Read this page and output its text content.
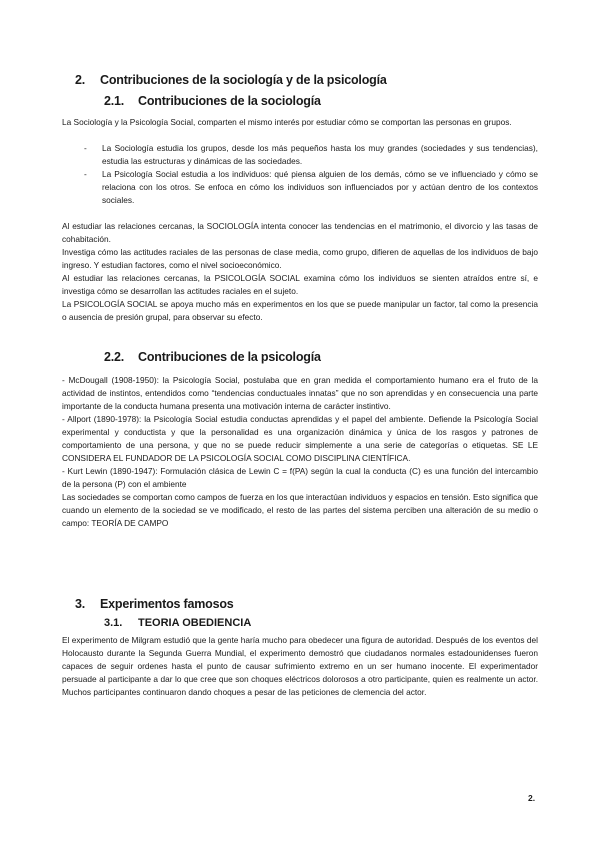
2. Contribuciones de la sociología y de la psicología
2.1. Contribuciones de la sociología

La Sociología y la Psicología Social, comparten el mismo interés por estudiar cómo se comportan las personas en grupos.

- La Sociología estudia los grupos, desde los más pequeños hasta los muy grandes (sociedades y sus tendencias), estudia las estructuras y dinámicas de las sociedades.
- La Psicología Social estudia a los individuos: qué piensa alguien de los demás, cómo se ve influenciado y cómo se relaciona con los otros. Se enfoca en cómo los individuos son influenciados por y actúan dentro de los contextos sociales.

Al estudiar las relaciones cercanas, la SOCIOLOGÍA intenta conocer las tendencias en el matrimonio, el divorcio y las tasas de cohabitación.

Investiga cómo las actitudes raciales de las personas de clase media, como grupo, difieren de aquellas de los individuos de bajo ingreso. Y estudian factores, como el nivel socioeconómico.

Al estudiar las relaciones cercanas, la PSICOLOGÍA SOCIAL examina cómo los individuos se sienten atraídos entre sí, e investiga cómo se desarrollan las actitudes raciales en el sujeto.

La PSICOLOGÍA SOCIAL se apoya mucho más en experimentos en los que se puede manipular un factor, tal como la presencia o ausencia de presión grupal, para observar su efecto.

2.2. Contribuciones de la psicología

- McDougall (1908-1950): la Psicología Social, postulaba que en gran medida el comportamiento humano era el fruto de la actividad de instintos, entendidos como “tendencias conductuales innatas” que no son aprendidas y en consecuencia una parte importante de la conducta humana presenta una motivación interna de carácter instintivo.

- Allport (1890-1978): la Psicología Social estudia conductas aprendidas y el papel del ambiente. Defiende la Psicología Social experimental y conductista y que la personalidad es una organización dinámica y única de los rasgos y patrones de comportamiento de una persona, y que no se puede reducir simplemente a una serie de categorías o etiquetas. SE LE CONSIDERA EL FUNDADOR DE LA PSICOLOGÍA SOCIAL COMO DISCIPLINA CIENTÍFICA.

- Kurt Lewin (1890-1947): Formulación clásica de Lewin C = f(PA) según la cual la conducta (C) es una función del intercambio de la persona (P) con el ambiente

Las sociedades se comportan como campos de fuerza en los que interactúan individuos y espacios en tensión. Esto significa que cuando un elemento de la sociedad se ve modificado, el resto de las partes del sistema perciben una alteración de su medio o campo: TEORÍA DE CAMPO

3. Experimentos famosos
3.1. TEORIA OBEDIENCIA

El experimento de Milgram estudió que la gente haría mucho para obedecer una figura de autoridad. Después de los eventos del Holocausto durante la Segunda Guerra Mundial, el experimento demostró que ciudadanos normales estadounidenses fueron capaces de seguir ordenes hasta el punto de causar sufrimiento extremo en un ser humano inocente. El experimentador persuade al participante a dar lo que cree que son choques eléctricos dolorosos a otro participante, quien es realmente un actor. Muchos participantes continuaron dando choques a pesar de las peticiones de clemencia del actor.

2.
